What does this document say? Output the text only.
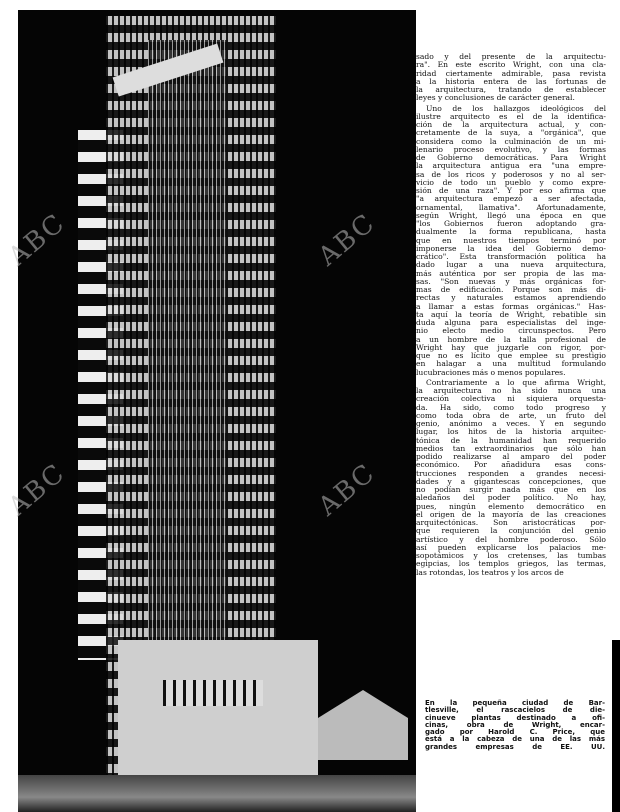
ABC	ABC
ABC	ABC
sado y del presente de la arquitectu-
ra". En este escrito Wright, con una cla-
ridad ciertamente admirable, pasa revista
a la historia entera de las fortunas de
la arquitectura, tratando de establecer
leyes y conclusiones de carácter general.
Uno de los hallazgos ideológicos del
ilustre arquitecto es el de la identifica-
ción de la arquitectura actual, y con-
cretamente de la suya, a "orgánica", que
considera como la culminación de un mi-
lenario proceso evolutivo, y las formas
de Gobierno democráticas. Para Wright
la arquitectura antigua era "una empre-
sa de los ricos y poderosos y no al ser-
vicio de todo un pueblo y como expre-
sión de una raza". Y por eso afirma que
"a arquitectura empezó a ser afectada,
ornamental, llamativa". Afortunadamente,
según Wright, llegó una época en que
"los Gobiernos fueron adoptando gra-
dualmente la forma republicana, hasta
que en nuestros tiempos terminó por
imponerse la idea del Gobierno demo-
crático". Esta transformación política ha
dado lugar a una nueva arquitectura,
más auténtica por ser propia de las ma-
sas. "Son nuevas y más orgánicas for-
mas de edificación. Porque son más di-
rectas y naturales estamos aprendiendo
a llamar a estas formas orgánicas." Has-
ta aquí la teoría de Wright, rebatible sin
duda alguna para especialistas del inge-
nio electo medio circunspectos. Pero
a un hombre de la talla profesional de
Wright hay que juzgarle con rigor, por-
que no es lícito que emplee su prestigio
en halagar a una multitud formulando
lucubraciones más o menos populares.
Contrariamente a lo que afirma Wright,
la arquitectura no ha sido nunca una
creación colectiva ni siquiera orquesta-
da. Ha sido, como todo progreso y
como toda obra de arte, un fruto del
genio, anónimo a veces. Y en segundo
lugar, los hitos de la historia arquitec-
tónica de la humanidad han requerido
medios tan extraordinarios que sólo han
podido realizarse al amparo del poder
económico. Por añadidura esas cons-
trucciones responden a grandes necesi-
dades y a gigantescas concepciones, que
no podían surgir nada más que en los
aledaños del poder político. No hay,
pues, ningún elemento democrático en
el origen de la mayoría de las creaciones
arquitectónicas. Son aristocráticas por-
que requieren la conjunción del genio
artístico y del hombre poderoso. Sólo
así pueden explicarse los palacios me-
sopotámicos y los cretenses, las tumbas
egipcias, los templos griegos, las termas,
las rotondas, los teatros y los arcos de
En la pequeña ciudad de Bar-
tlesville, el rascacielos de die-
cinueve plantas destinado a ofi-
cinas, obra de Wright, encar-
gado por Harold C. Price, que
está a la cabeza de una de las más
grandes empresas de EE. UU.
